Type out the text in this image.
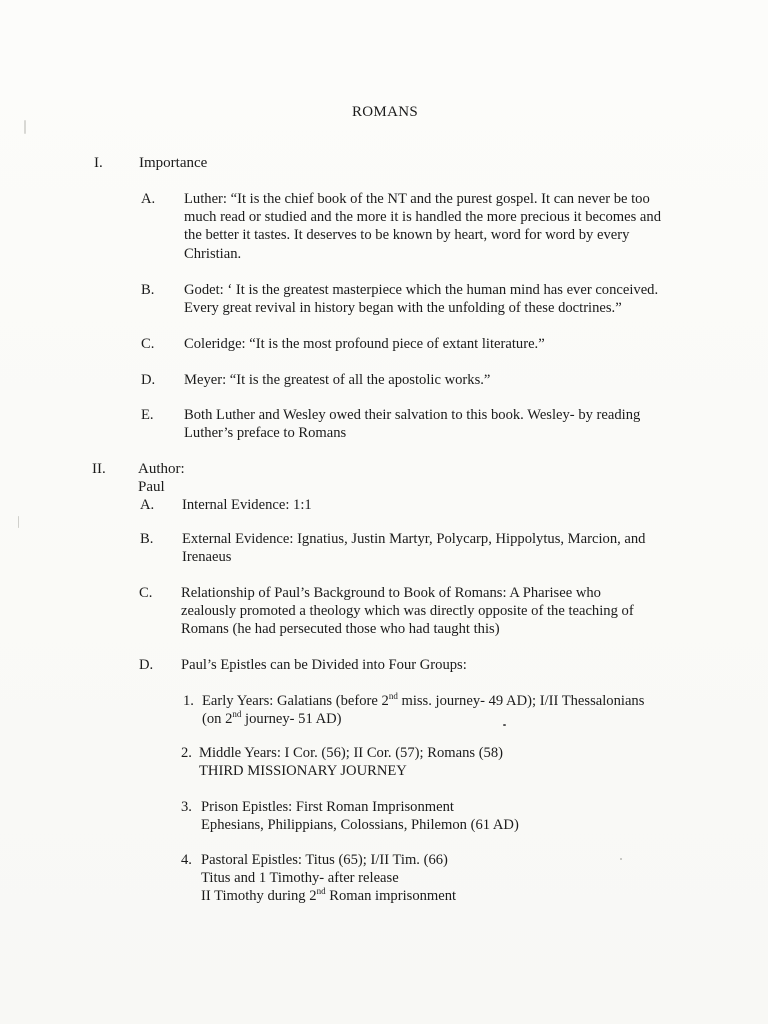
ROMANS
I. Importance
A. Luther: “It is the chief book of the NT and the purest gospel. It can never be too
much read or studied and the more it is handled the more precious it becomes and
the better it tastes. It deserves to be known by heart, word for word by every
Christian.
B. Godet: ‘ It is the greatest masterpiece which the human mind has ever conceived.
Every great revival in history began with the unfolding of these doctrines.”
C. Coleridge: “It is the most profound piece of extant literature.”
D. Meyer: “It is the greatest of all the apostolic works.”
E. Both Luther and Wesley owed their salvation to this book. Wesley- by reading
Luther’s preface to Romans
II. Author: Paul
A. Internal Evidence: 1:1
B. External Evidence: Ignatius, Justin Martyr, Polycarp, Hippolytus, Marcion, and
Irenaeus
C. Relationship of Paul’s Background to Book of Romans: A Pharisee who
zealously promoted a theology which was directly opposite of the teaching of
Romans (he had persecuted those who had taught this)
D. Paul’s Epistles can be Divided into Four Groups:
1. Early Years: Galatians (before 2nd miss. journey- 49 AD); I/II Thessalonians
(on 2nd journey- 51 AD)
2. Middle Years: I Cor. (56); II Cor. (57); Romans (58)
THIRD MISSIONARY JOURNEY
3. Prison Epistles: First Roman Imprisonment
Ephesians, Philippians, Colossians, Philemon (61 AD)
4. Pastoral Epistles: Titus (65); I/II Tim. (66)
Titus and 1 Timothy- after release
II Timothy during 2nd Roman imprisonment
